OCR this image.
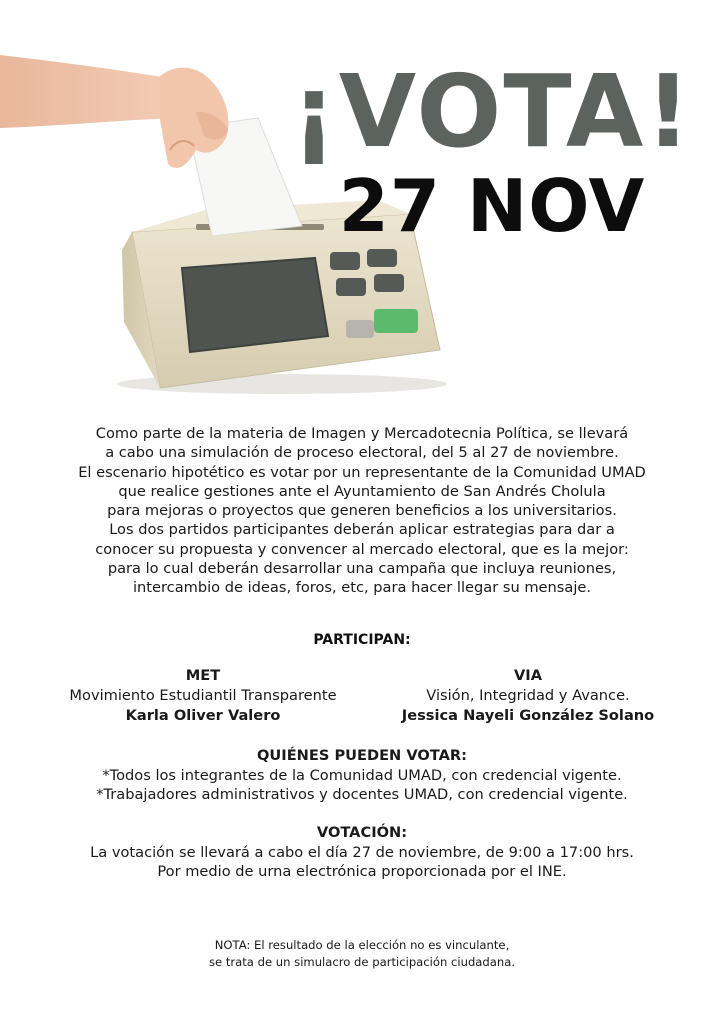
¡VOTA!
27 NOV
Como parte de la materia de Imagen y Mercadotecnia Política, se llevará
a cabo una simulación de proceso electoral, del 5 al 27 de noviembre.
El escenario hipotético es votar por un representante de la Comunidad UMAD
que realice gestiones ante el Ayuntamiento de San Andrés Cholula
para mejoras o proyectos que generen beneficios a los universitarios.
Los dos partidos participantes deberán aplicar estrategias para dar a
conocer su propuesta y convencer al mercado electoral, que es la mejor:
para lo cual deberán desarrollar una campaña que incluya reuniones,
intercambio de ideas, foros, etc, para hacer llegar su mensaje.
PARTICIPAN:
MET
Movimiento Estudiantil Transparente
Karla Oliver Valero
VIA
Visión, Integridad y Avance.
Jessica Nayeli González Solano
QUIÉNES PUEDEN VOTAR:
*Todos los integrantes de la Comunidad UMAD, con credencial vigente.
*Trabajadores administrativos y docentes UMAD, con credencial vigente.
VOTACIÓN:
La votación se llevará a cabo el día 27 de noviembre, de 9:00 a 17:00 hrs.
Por medio de urna electrónica proporcionada por el INE.
NOTA: El resultado de la elección no es vinculante,
se trata de un simulacro de participación ciudadana.
